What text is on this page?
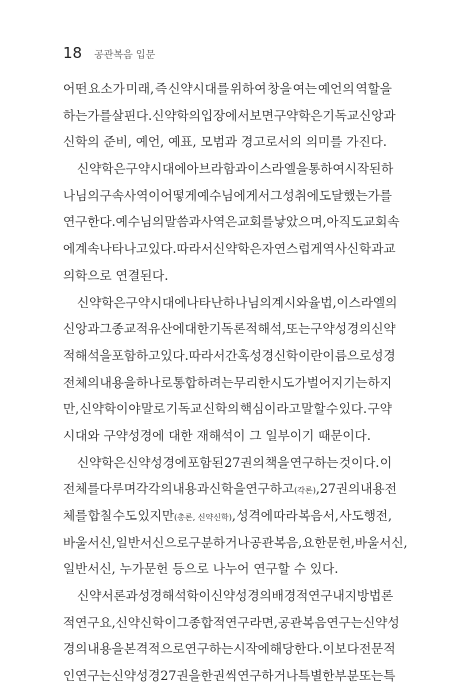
18 공관복음 입문
어떤 요소가 미래, 즉 신약시대를 위하여 창을 여는 예언의 역할을
하는가를 살핀다. 신약학의 입장에서 보면 구약학은 기독교 신앙과
신학의 준비, 예언, 예표, 모범과 경고로서의 의미를 가진다.
신약학은 구약시대에 아브라함과 이스라엘을 통하여 시작된 하
나님의 구속사역이 어떻게 예수님에게서 그 성취에 도달했는가를
연구한다. 예수님의 말씀과 사역은 교회를 낳았으며, 아직도 교회 속
에 계속 나타나고 있다. 따라서 신약학은 자연스럽게 역사신학과 교
의학으로 연결된다.
신약학은 구약시대에 나타난 하나님의 계시와 율법, 이스라엘의
신앙과 그 종교적 유산에 대한 기독론적 해석, 또는 구약성경의 신약
적 해석을 포함하고 있다. 따라서 간혹 성경신학이란 이름으로 성경
전체의 내용을 하나로 통합하려는 무리한 시도가 벌어지기는 하지
만, 신약학이야 말로 기독교 신학의 핵심이라고 말할 수 있다. 구약
시대와 구약성경에 대한 재해석이 그 일부이기 때문이다.
신약학은 신약성경에 포함된 27권의 책을 연구하는 것이다. 이
전체를 다루며 각각의 내용과 신학을 연구하고(각론), 27권의 내용 전
체를 합칠 수도 있지만(총론, 신약신학), 성격에 따라 복음서, 사도행전,
바울서신, 일반서신으로 구분하거나 공관복음, 요한문헌, 바울서신,
일반서신, 누가문헌 등으로 나누어 연구할 수 있다.
신약서론과 성경해석학이 신약성경의 배경적 연구 내지 방법론
적 연구요, 신약신학이 그 종합적 연구라면, 공관복음 연구는 신약성
경의 내용을 본격적으로 연구하는 시작에 해당한다. 이보다 전문적
인 연구는 신약성경 27권을 한 권씩 연구하거나 특별한 부분 또는 특
